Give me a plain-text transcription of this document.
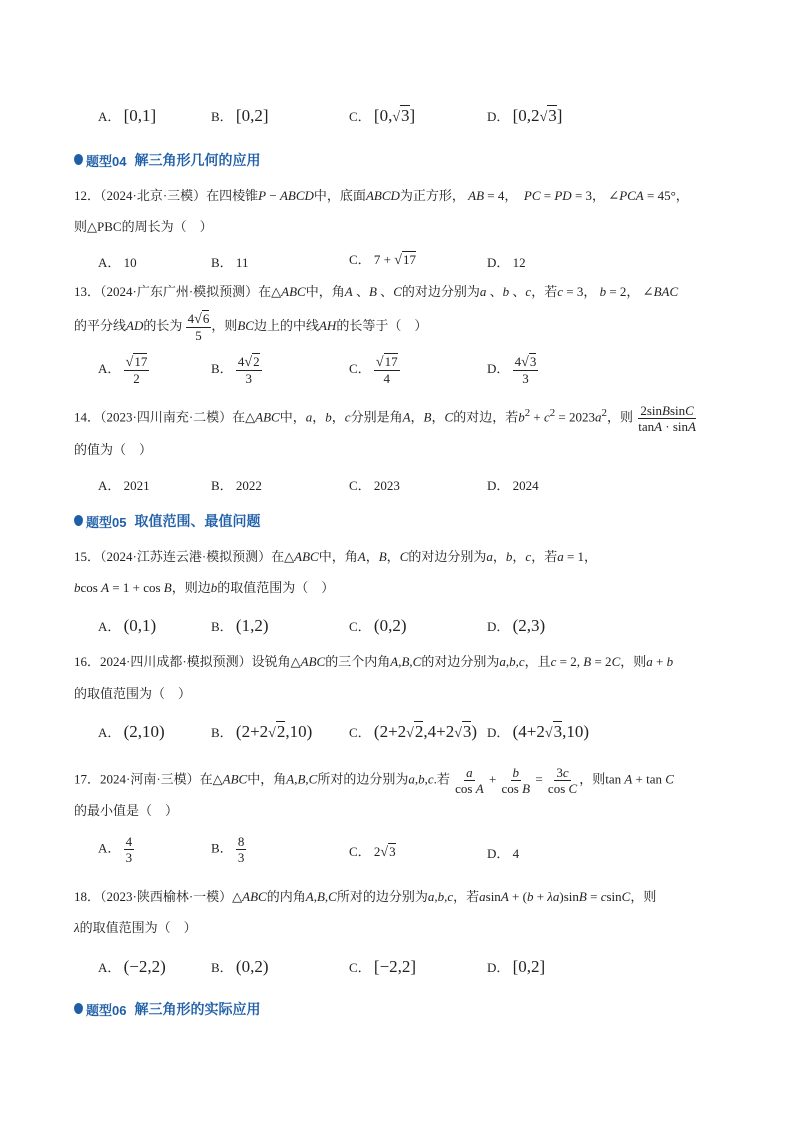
A． [0,1]	B． [0,2]	C． [0,√3]	D． [0,2√3]
题型04 解三角形几何的应用
12．（2024·北京·三模）在四棱锥P − ABCD中，底面ABCD为正方形， AB = 4，  PC = PD = 3， ∠PCA = 45°，
则△PBC的周长为（　）
A． 10	B． 11	C． 7 + √17	D． 12
13．（2024·广东广州·模拟预测）在△ABC中，角A 、B 、C的对边分别为a 、b 、c，若c = 3， b = 2， ∠BAC
的平分线AD的长为 $\frac{4√6}{5}$ ，则BC边上的中线AH的长等于（　）
A． $\frac{√17}{2}$	B． $\frac{4√2}{3}$	C． $\frac{√17}{4}$	D． $\frac{4√3}{3}$
14．（2023·四川南充·二模）在△ABC中，a，b，c分别是角A，B，C的对边，若$b^2 + c^2 = 2023a^2$，则 $\frac{\text{2sinBsinC}}{\tan A \cdot \sin A}$
的值为（　）
A． 2021	B． 2022	C． 2023	D． 2024
题型05 取值范围、最值问题
15．（2024·江苏连云港·模拟预测）在△ABC中，角A，B，C的对边分别为a，b，c，若a = 1，
bcos A = 1 + cos B，则边b的取值范围为（　）
A． (0,1)	B． (1,2)	C． (0,2)	D． (2,3)
16．2024·四川成都·模拟预测）设锐角△ABC的三个内角A,B,C的对边分别为a,b,c，且c = 2, B = 2C，则a + b
的取值范围为（　）
A． (2,10)	B． (2+2√2,10)	C． (2+2√2,4+2√3) D． (4+2√3,10)
17．2024·河南·三模）在△ABC中，角A,B,C所对的边分别为a,b,c.若 $\frac{a}{\text{cos A}} + \frac{b}{\text{cos B}} = \frac{3c}{\text{cos C}}$ ，则tan A + tan C
的最小值是（　）
A． $\frac{4}{3}$	B． $\frac{8}{3}$	C． 2√3	D． 4
18．（2023·陕西榆林·一模）△ABC的内角A,B,C所对的边分别为a,b,c，若asinA + (b + λa)sinB = csinC，则
λ的取值范围为（　）
A． (−2,2)	B． (0,2)	C． [−2,2]	D． [0,2]
题型06 解三角形的实际应用
